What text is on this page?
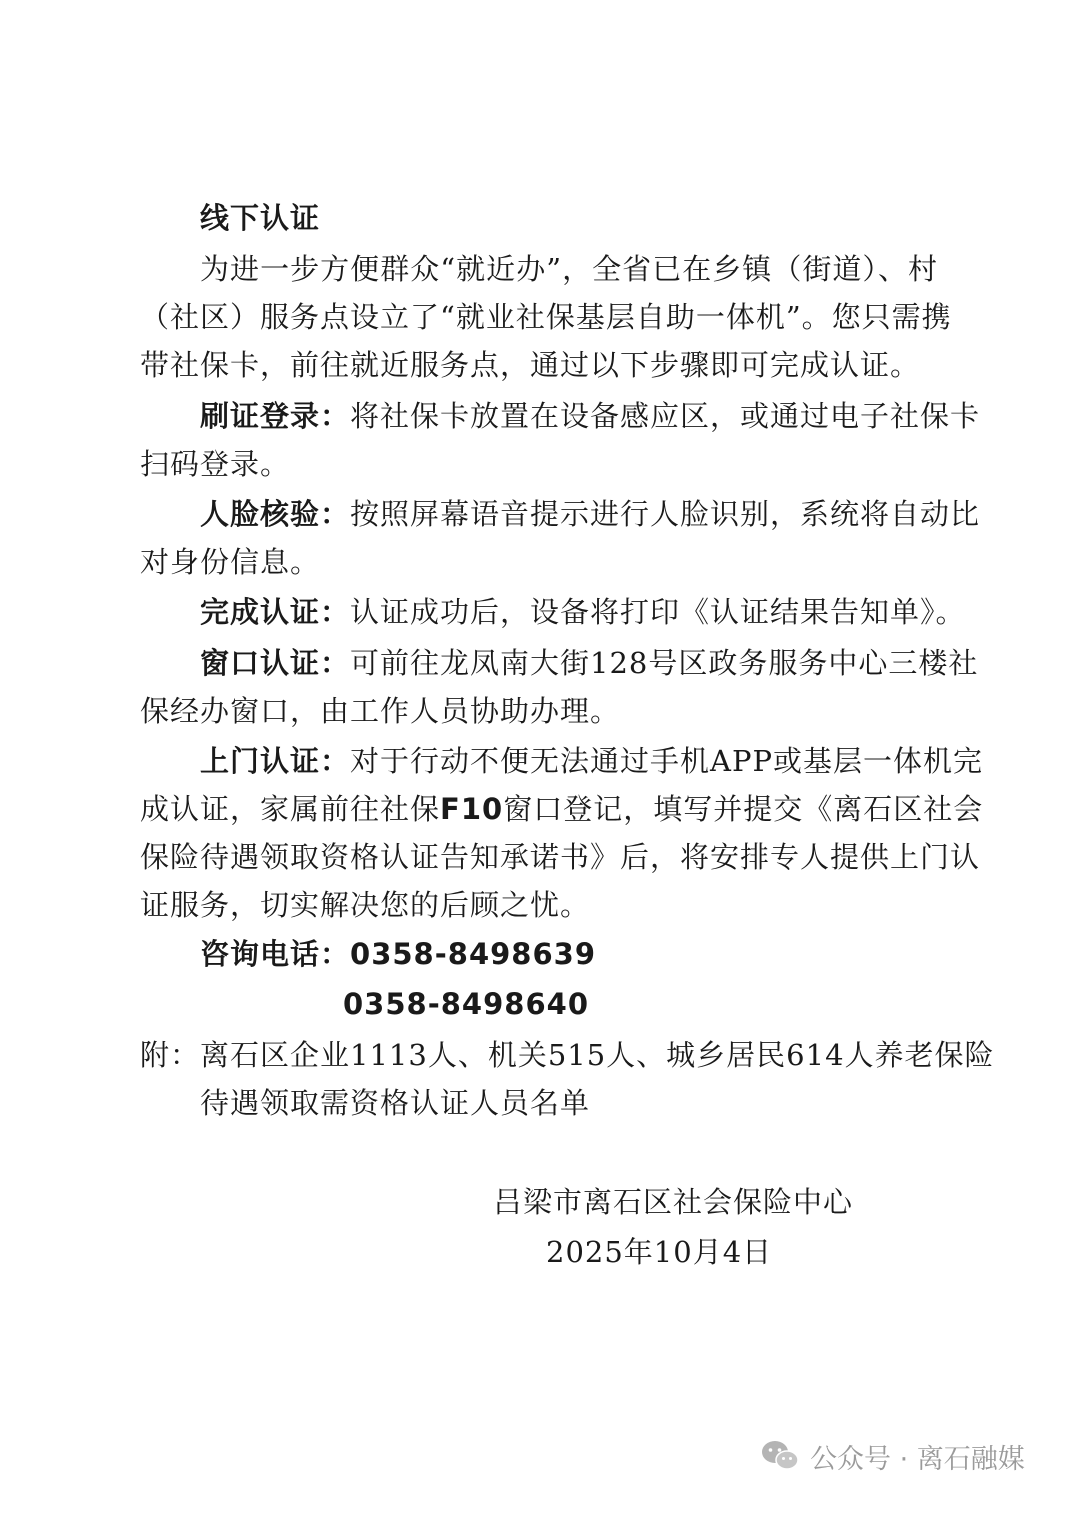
线下认证
为进一步方便群众“就近办”，全省已在乡镇（街道）、村
（社区）服务点设立了“就业社保基层自助一体机”。您只需携
带社保卡，前往就近服务点，通过以下步骤即可完成认证。
刷证登录：将社保卡放置在设备感应区，或通过电子社保卡
扫码登录。
人脸核验：按照屏幕语音提示进行人脸识别，系统将自动比
对身份信息。
完成认证：认证成功后，设备将打印《认证结果告知单》。
窗口认证：可前往龙凤南大街128号区政务服务中心三楼社
保经办窗口，由工作人员协助办理。
上门认证：对于行动不便无法通过手机APP或基层一体机完
成认证，家属前往社保F10窗口登记，填写并提交《离石区社会
保险待遇领取资格认证告知承诺书》后，将安排专人提供上门认
证服务，切实解决您的后顾之忧。
咨询电话：0358-8498639
0358-8498640
附：离石区企业1113人、机关515人、城乡居民614人养老保险
待遇领取需资格认证人员名单
吕梁市离石区社会保险中心
2025年10月4日
公众号 · 离石融媒
